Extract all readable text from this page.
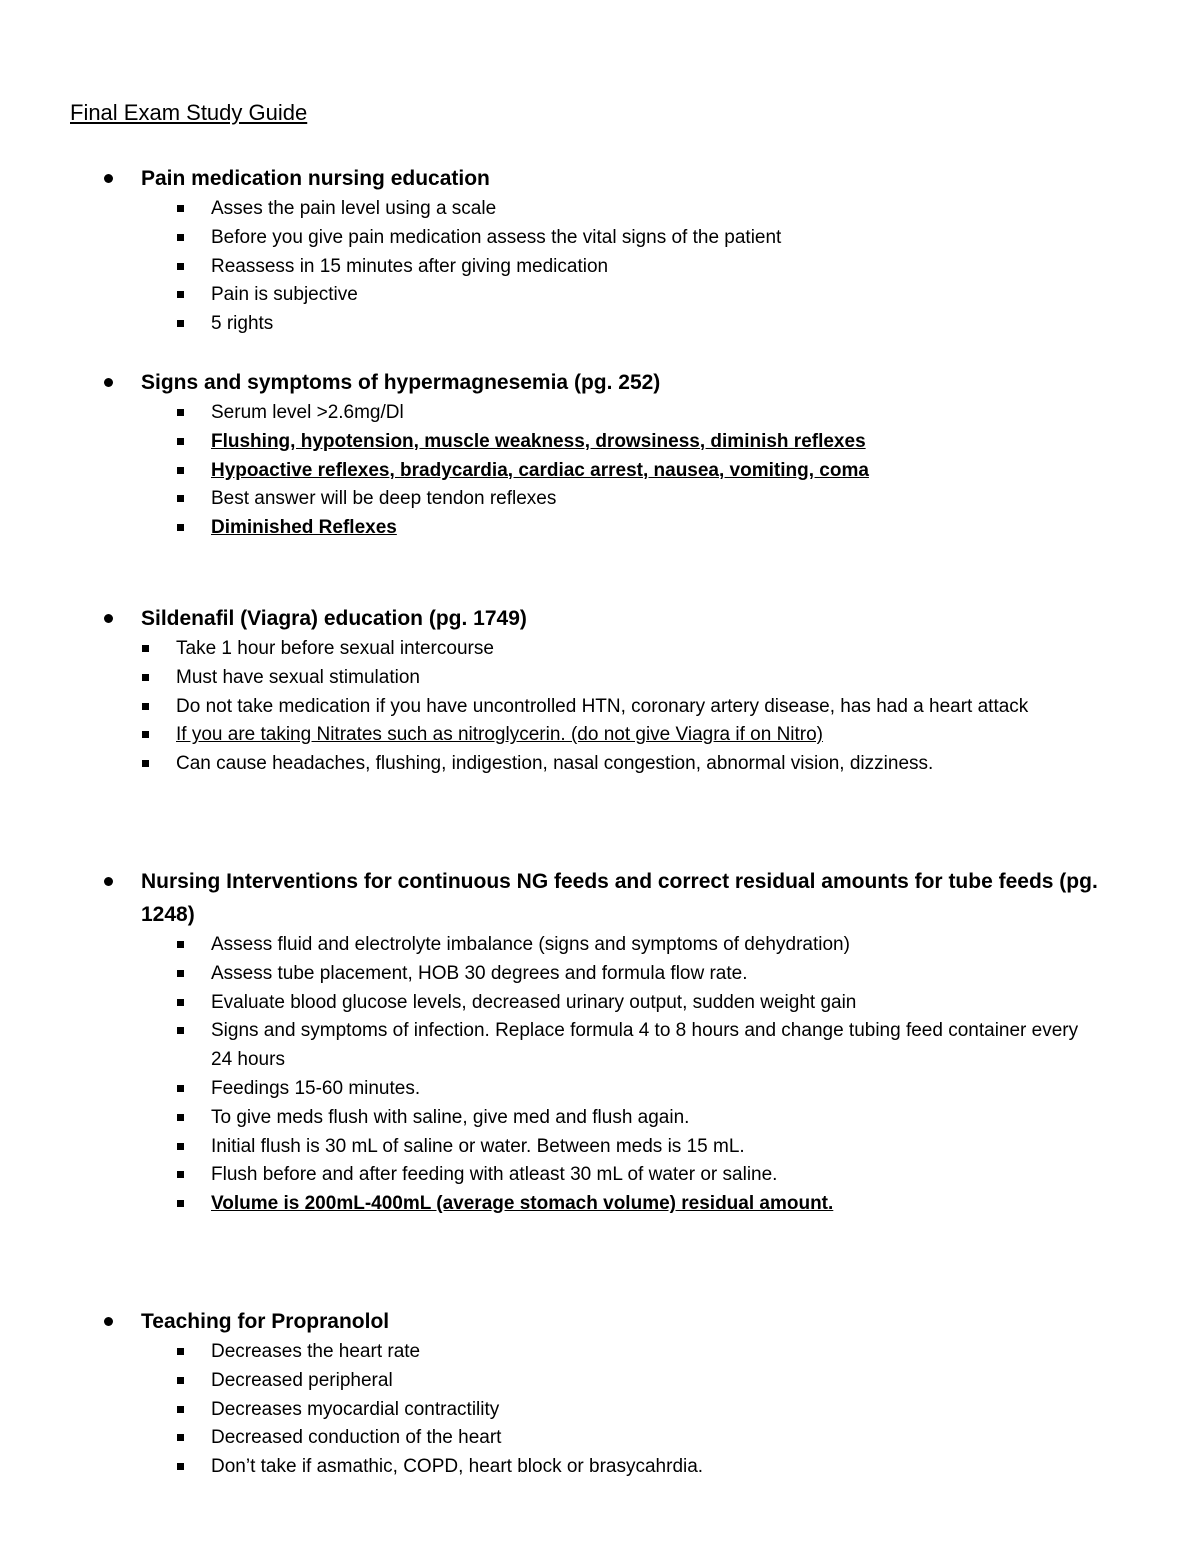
Final Exam Study Guide
Pain medication nursing education
Asses the pain level using a scale
Before you give pain medication assess the vital signs of the patient
Reassess in 15 minutes after giving medication
Pain is subjective
5 rights
Signs and symptoms of hypermagnesemia (pg. 252)
Serum level >2.6mg/Dl
Flushing, hypotension, muscle weakness, drowsiness, diminish reflexes
Hypoactive reflexes, bradycardia, cardiac arrest, nausea, vomiting, coma
Best answer will be deep tendon reflexes
Diminished Reflexes
Sildenafil (Viagra) education (pg. 1749)
Take 1 hour before sexual intercourse
Must have sexual stimulation
Do not take medication if you have uncontrolled HTN, coronary artery disease, has had a heart attack
If you are taking Nitrates such as nitroglycerin. (do not give Viagra if on Nitro)
Can cause headaches, flushing, indigestion, nasal congestion, abnormal vision, dizziness.
Nursing Interventions for continuous NG feeds and correct residual amounts for tube feeds (pg. 1248)
Assess fluid and electrolyte imbalance (signs and symptoms of dehydration)
Assess tube placement, HOB 30 degrees and formula flow rate.
Evaluate blood glucose levels, decreased urinary output, sudden weight gain
Signs and symptoms of infection. Replace formula 4 to 8 hours and change tubing feed container every 24 hours
Feedings 15-60 minutes.
To give meds flush with saline, give med and flush again.
Initial flush is 30 mL of saline or water. Between meds is 15 mL.
Flush before and after feeding with atleast 30 mL of water or saline.
Volume is 200mL-400mL (average stomach volume) residual amount.
Teaching for Propranolol
Decreases the heart rate
Decreased peripheral
Decreases myocardial contractility
Decreased conduction of the heart
Don’t take if asmathic, COPD, heart block or brasycahrdia.
